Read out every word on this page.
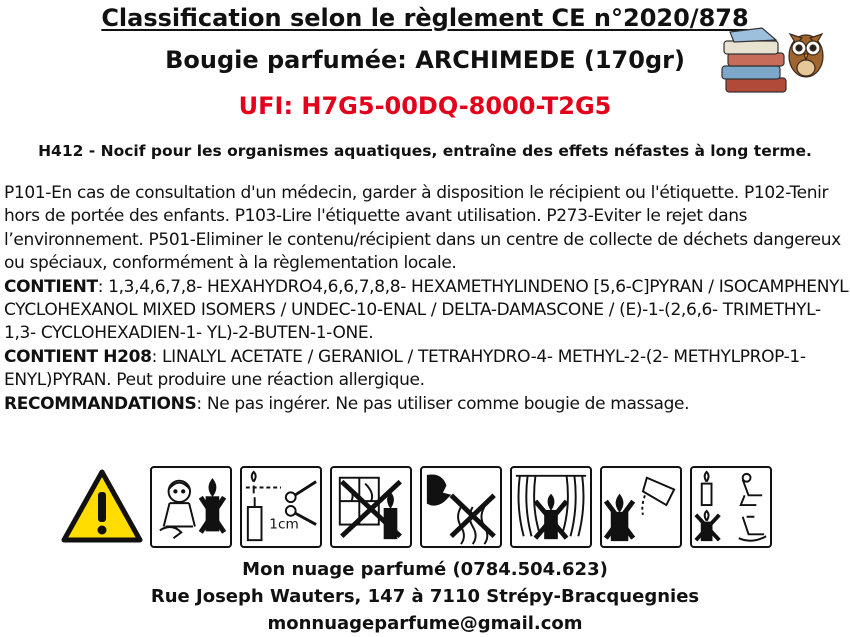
Classification selon le règlement CE n°2020/878
Bougie parfumée: ARCHIMEDE (170gr)
UFI: H7G5-00DQ-8000-T2G5
H412 - Nocif pour les organismes aquatiques, entraîne des effets néfastes à long terme.

P101-En cas de consultation d'un médecin, garder à disposition le récipient ou l'étiquette. P102-Tenir hors de portée des enfants. P103-Lire l'étiquette avant utilisation. P273-Eviter le rejet dans l’environnement. P501-Eliminer le contenu/récipient dans un centre de collecte de déchets dangereux ou spéciaux, conformément à la règlementation locale.

CONTIENT: 1,3,4,6,7,8- HEXAHYDRO4,6,6,7,8,8- HEXAMETHYLINDENO [5,6-C]PYRAN / ISOCAMPHENYL CYCLOHEXANOL MIXED ISOMERS / UNDEC-10-ENAL / DELTA-DAMASCONE / (E)-1-(2,6,6- TRIMETHYL-1,3- CYCLOHEXADIEN-1- YL)-2-BUTEN-1-ONE.

CONTIENT H208: LINALYL ACETATE / GERANIOL / TETRAHYDRO-4- METHYL-2-(2- METHYLPROP-1- ENYL)PYRAN. Peut produire une réaction allergique.

RECOMMANDATIONS: Ne pas ingérer. Ne pas utiliser comme bougie de massage.

1cm
Mon nuage parfumé (0784.504.623)
Rue Joseph Wauters, 147 à 7110 Strépy-Bracquegnies
monnuageparfume@gmail.com
